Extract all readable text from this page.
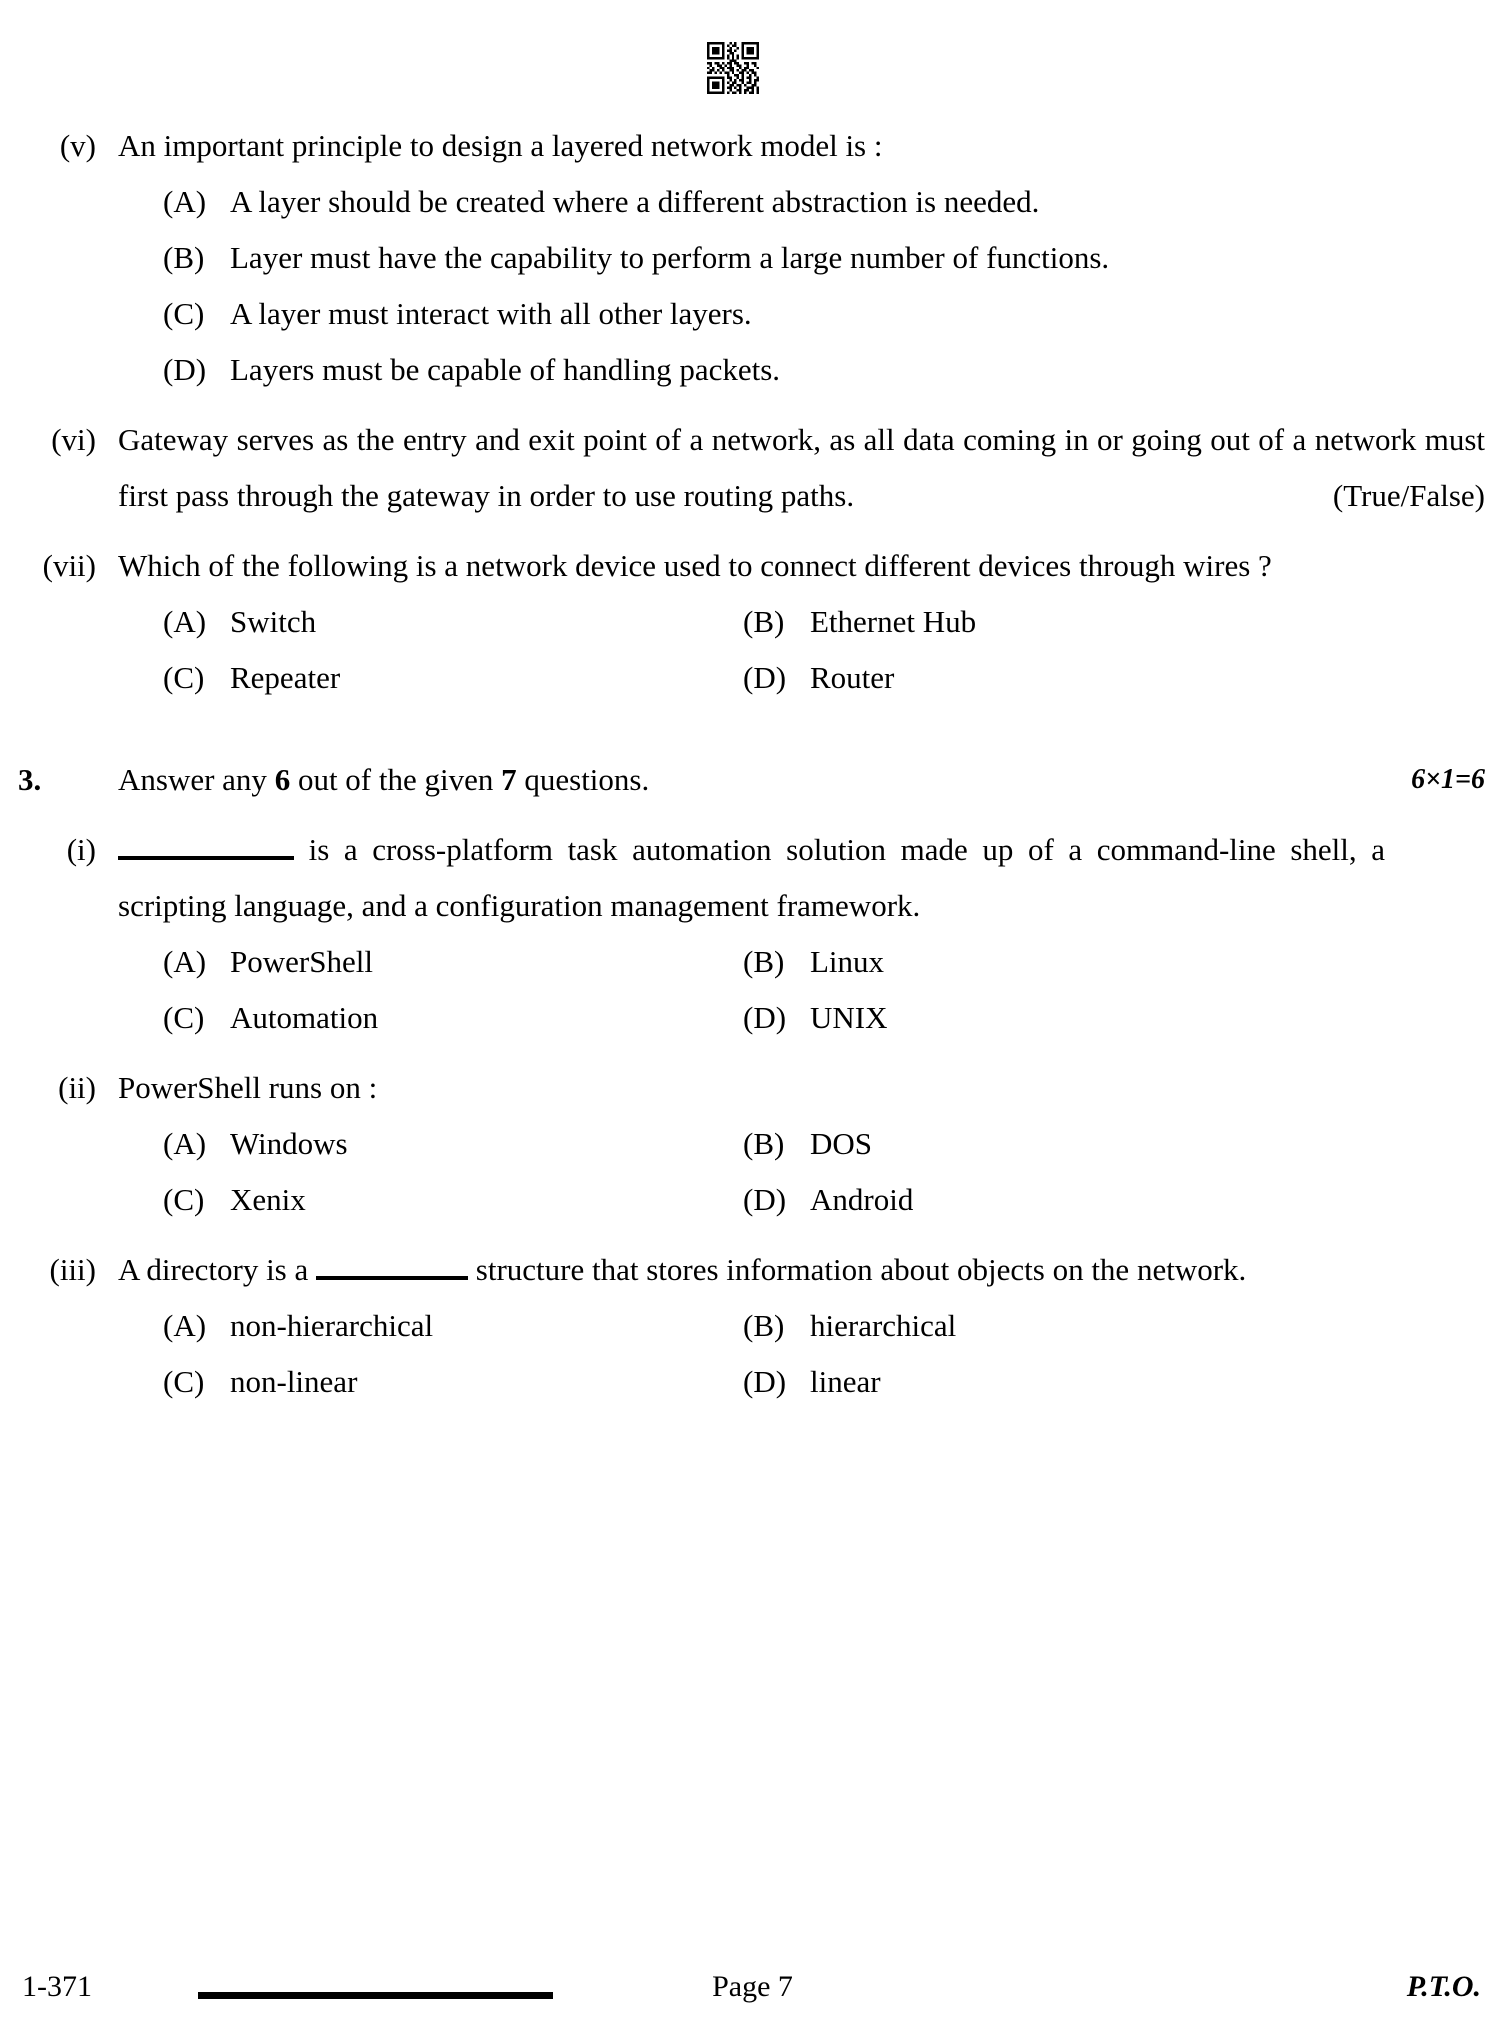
(v) An important principle to design a layered network model is :
(A) A layer should be created where a different abstraction is needed.
(B) Layer must have the capability to perform a large number of functions.
(C) A layer must interact with all other layers.
(D) Layers must be capable of handling packets.
(vi) Gateway serves as the entry and exit point of a network, as all data coming in or going out of a network must first pass through the gateway in order to use routing paths.	(True/False)
(vii) Which of the following is a network device used to connect different devices through wires ?
(A) Switch	(B) Ethernet Hub
(C) Repeater	(D) Router
3.	Answer any 6 out of the given 7 questions.	6×1=6
(i)	is a cross-platform task automation solution made up of a command-line shell, a scripting language, and a configuration management framework.
(A) PowerShell	(B) Linux
(C) Automation	(D) UNIX
(ii) PowerShell runs on :
(A) Windows	(B) DOS
(C) Xenix	(D) Android
(iii) A directory is a	structure that stores information about objects on the network.
(A) non-hierarchical	(B) hierarchical
(C) non-linear	(D) linear
1-371	Page 7	P.T.O.
